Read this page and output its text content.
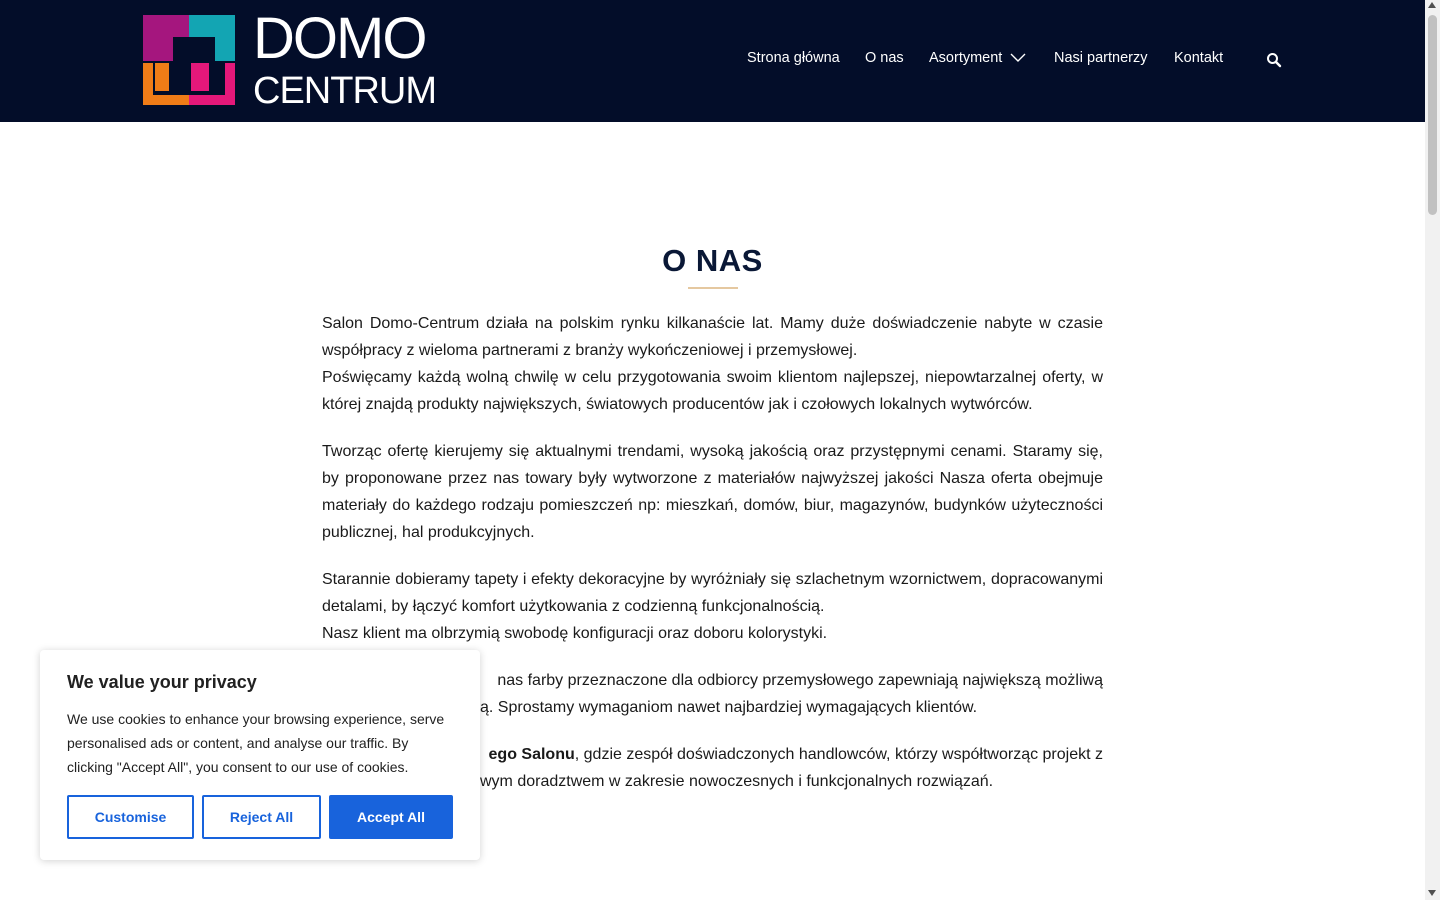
DOMO
CENTRUM
Strona główna O nas Asortyment	Nasi partnerzy Kontakt
O NAS

Salon Domo-Centrum działa na polskim rynku kilkanaście lat. Mamy duże doświadczenie nabyte w czasie współpracy z wieloma partnerami z branży wykończeniowej i przemysłowej.
Poświęcamy każdą wolną chwilę w celu przygotowania swoim klientom najlepszej, niepowtarzalnej oferty, w której znajdą produkty największych, światowych producentów jak i czołowych lokalnych wytwórców.

Tworząc ofertę kierujemy się aktualnymi trendami, wysoką jakością oraz przystępnymi cenami. Staramy się, by proponowane przez nas towary były wytworzone z materiałów najwyższej jakości Nasza oferta obejmuje materiały do każdego rodzaju pomieszczeń np: mieszkań, domów, biur, magazynów, budynków użyteczności publicznej, hal produkcyjnych.

Starannie dobieramy tapety i efekty dekoracyjne by wyróżniały się szlachetnym wzornictwem, dopracowanymi detalami, by łączyć komfort użytkowania z codzienną funkcjonalnością.
Nasz klient ma olbrzymią swobodę konfiguracji oraz doboru kolorystyki.

nas farby przeznaczone dla odbiorcy przemysłowego zapewniają największą możliwą
ą. Sprostamy wymaganiom nawet najbardziej wymagających klientów.

ego Salonu, gdzie zespół doświadczonych handlowców, którzy współtworząc projekt z
wym doradztwem w zakresie nowoczesnych i funkcjonalnych rozwiązań.

We value your privacy
We use cookies to enhance your browsing experience, serve personalised ads or content, and analyse our traffic. By clicking "Accept All", you consent to our use of cookies.
Customise	Reject All	Accept All
